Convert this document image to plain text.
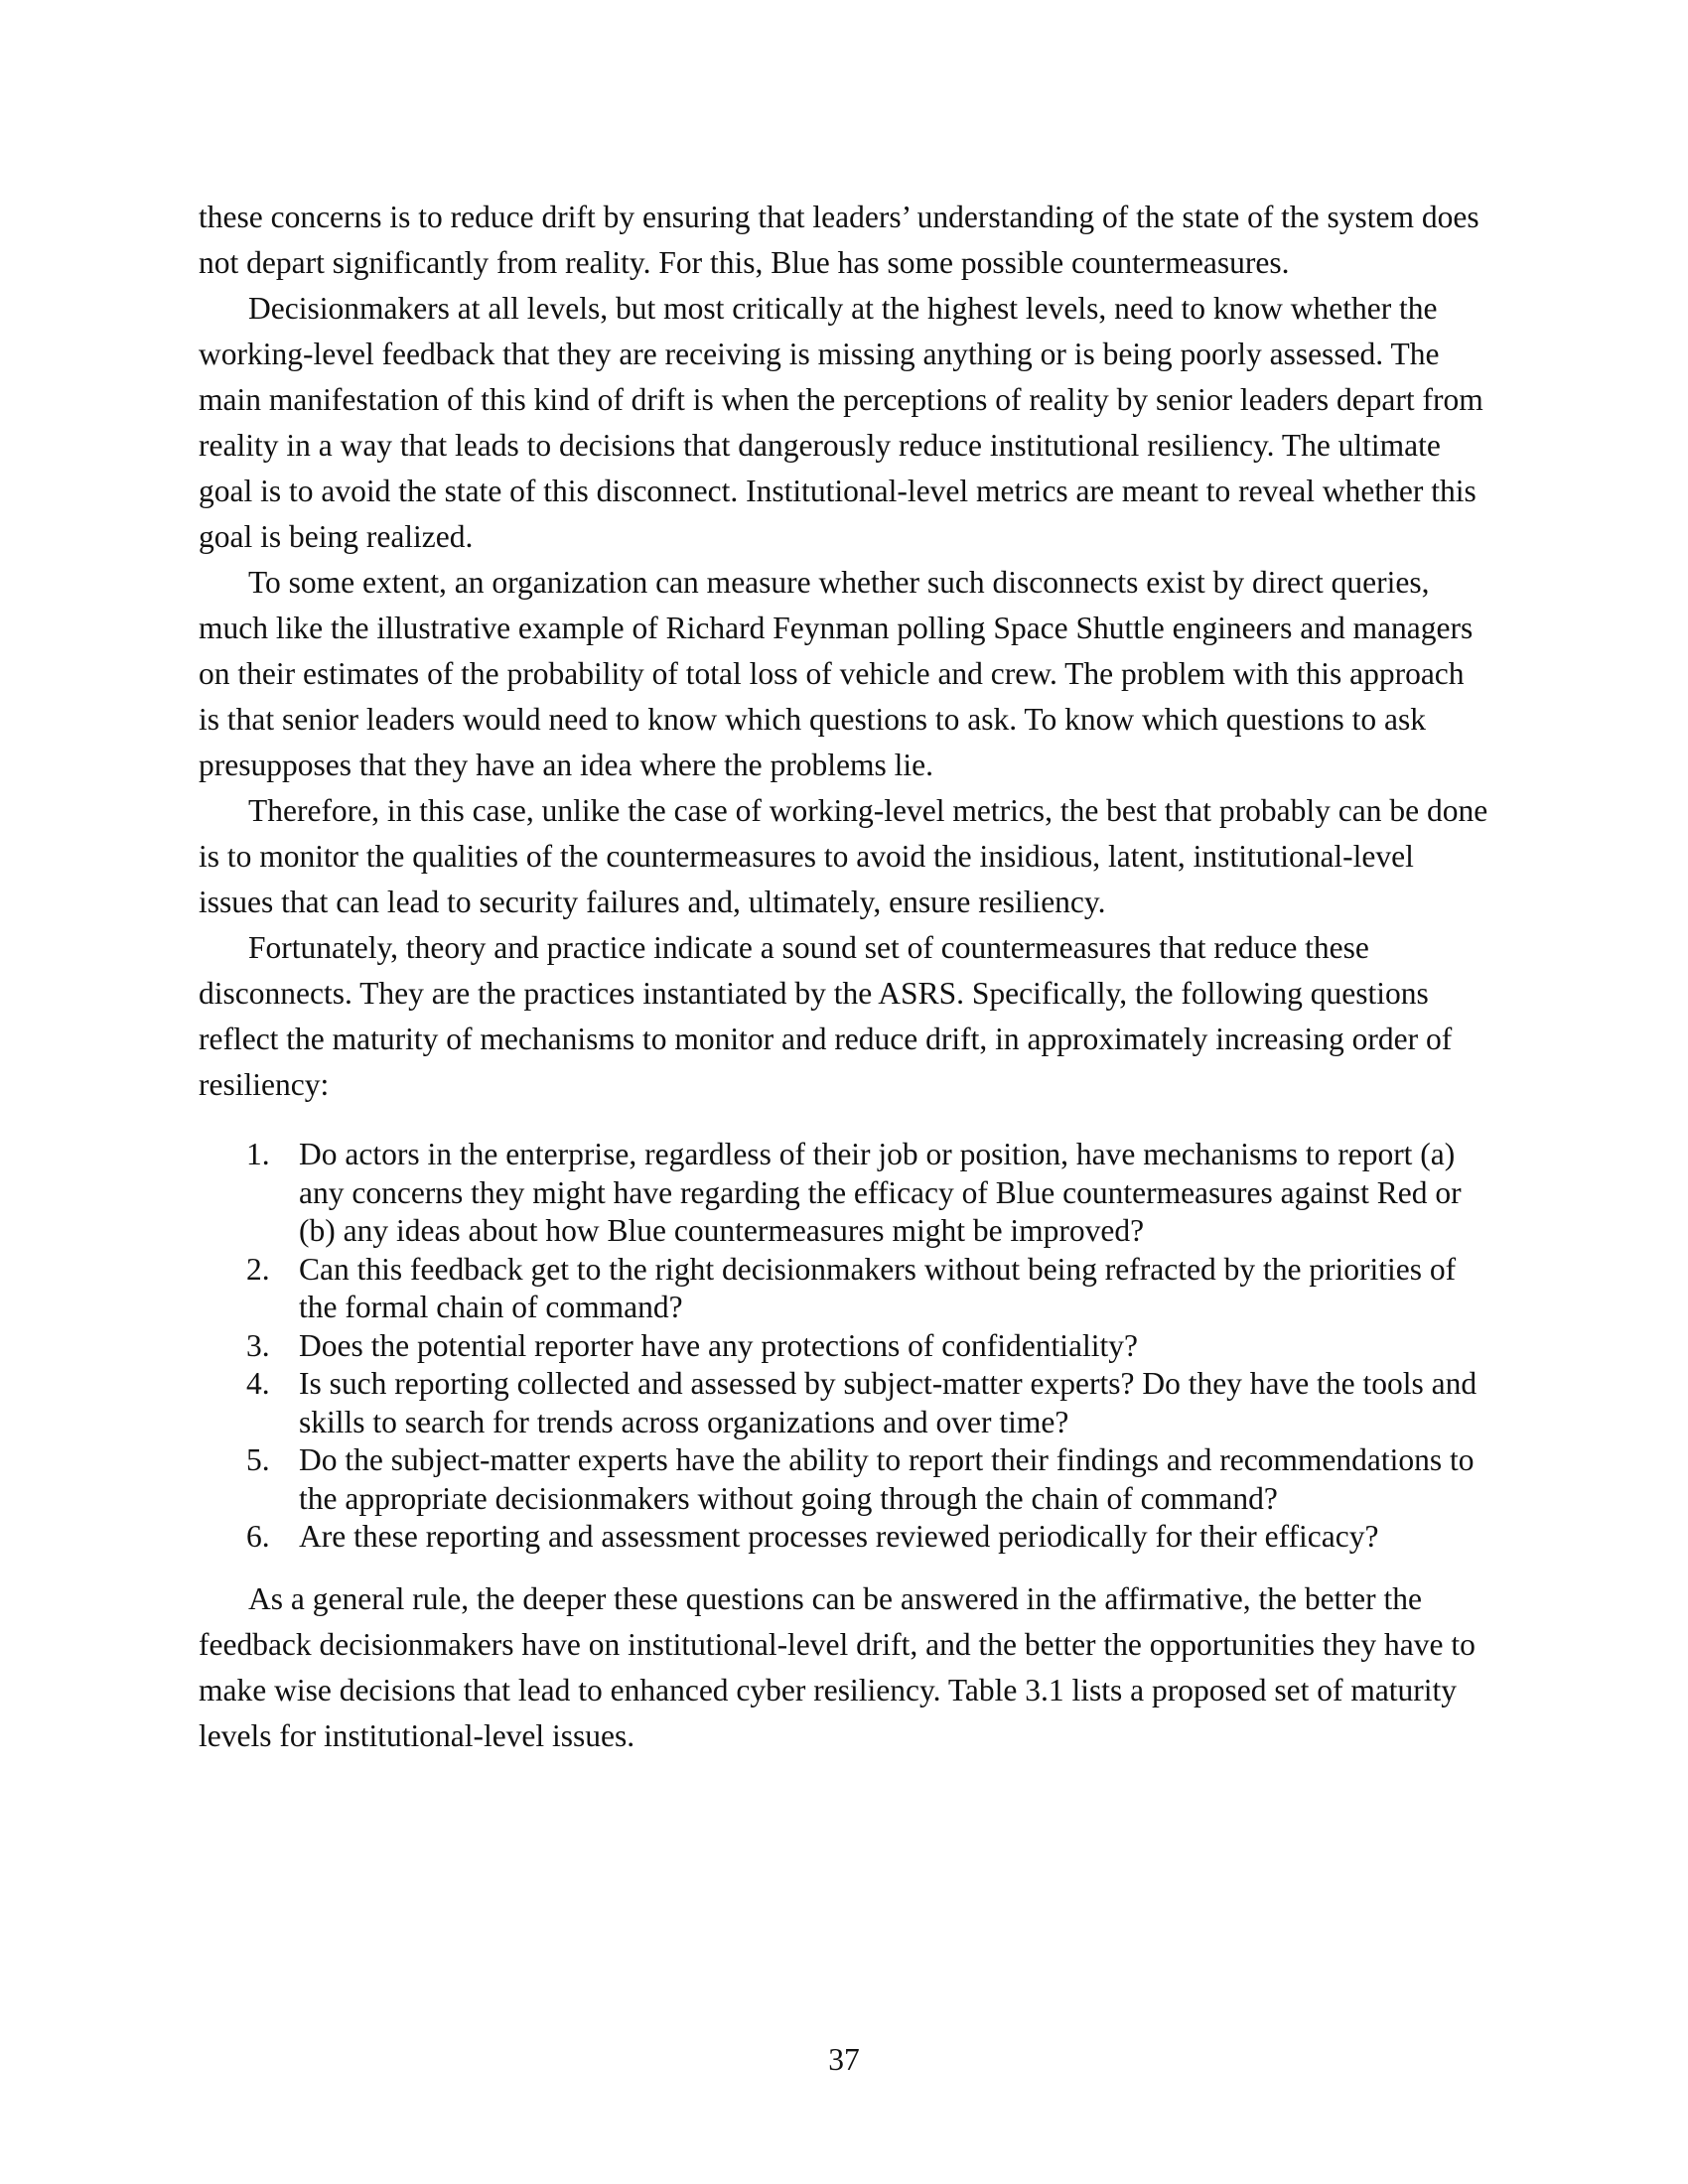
these concerns is to reduce drift by ensuring that leaders’ understanding of the state of the system does not depart significantly from reality. For this, Blue has some possible countermeasures.

Decisionmakers at all levels, but most critically at the highest levels, need to know whether the working-level feedback that they are receiving is missing anything or is being poorly assessed. The main manifestation of this kind of drift is when the perceptions of reality by senior leaders depart from reality in a way that leads to decisions that dangerously reduce institutional resiliency. The ultimate goal is to avoid the state of this disconnect. Institutional-level metrics are meant to reveal whether this goal is being realized.

To some extent, an organization can measure whether such disconnects exist by direct queries, much like the illustrative example of Richard Feynman polling Space Shuttle engineers and managers on their estimates of the probability of total loss of vehicle and crew. The problem with this approach is that senior leaders would need to know which questions to ask. To know which questions to ask presupposes that they have an idea where the problems lie.

Therefore, in this case, unlike the case of working-level metrics, the best that probably can be done is to monitor the qualities of the countermeasures to avoid the insidious, latent, institutional-level issues that can lead to security failures and, ultimately, ensure resiliency.

Fortunately, theory and practice indicate a sound set of countermeasures that reduce these disconnects. They are the practices instantiated by the ASRS. Specifically, the following questions reflect the maturity of mechanisms to monitor and reduce drift, in approximately increasing order of resiliency:

1. Do actors in the enterprise, regardless of their job or position, have mechanisms to report (a) any concerns they might have regarding the efficacy of Blue countermeasures against Red or (b) any ideas about how Blue countermeasures might be improved?
2. Can this feedback get to the right decisionmakers without being refracted by the priorities of the formal chain of command?
3. Does the potential reporter have any protections of confidentiality?
4. Is such reporting collected and assessed by subject-matter experts? Do they have the tools and skills to search for trends across organizations and over time?
5. Do the subject-matter experts have the ability to report their findings and recommendations to the appropriate decisionmakers without going through the chain of command?
6. Are these reporting and assessment processes reviewed periodically for their efficacy?

As a general rule, the deeper these questions can be answered in the affirmative, the better the feedback decisionmakers have on institutional-level drift, and the better the opportunities they have to make wise decisions that lead to enhanced cyber resiliency. Table 3.1 lists a proposed set of maturity levels for institutional-level issues.

37
